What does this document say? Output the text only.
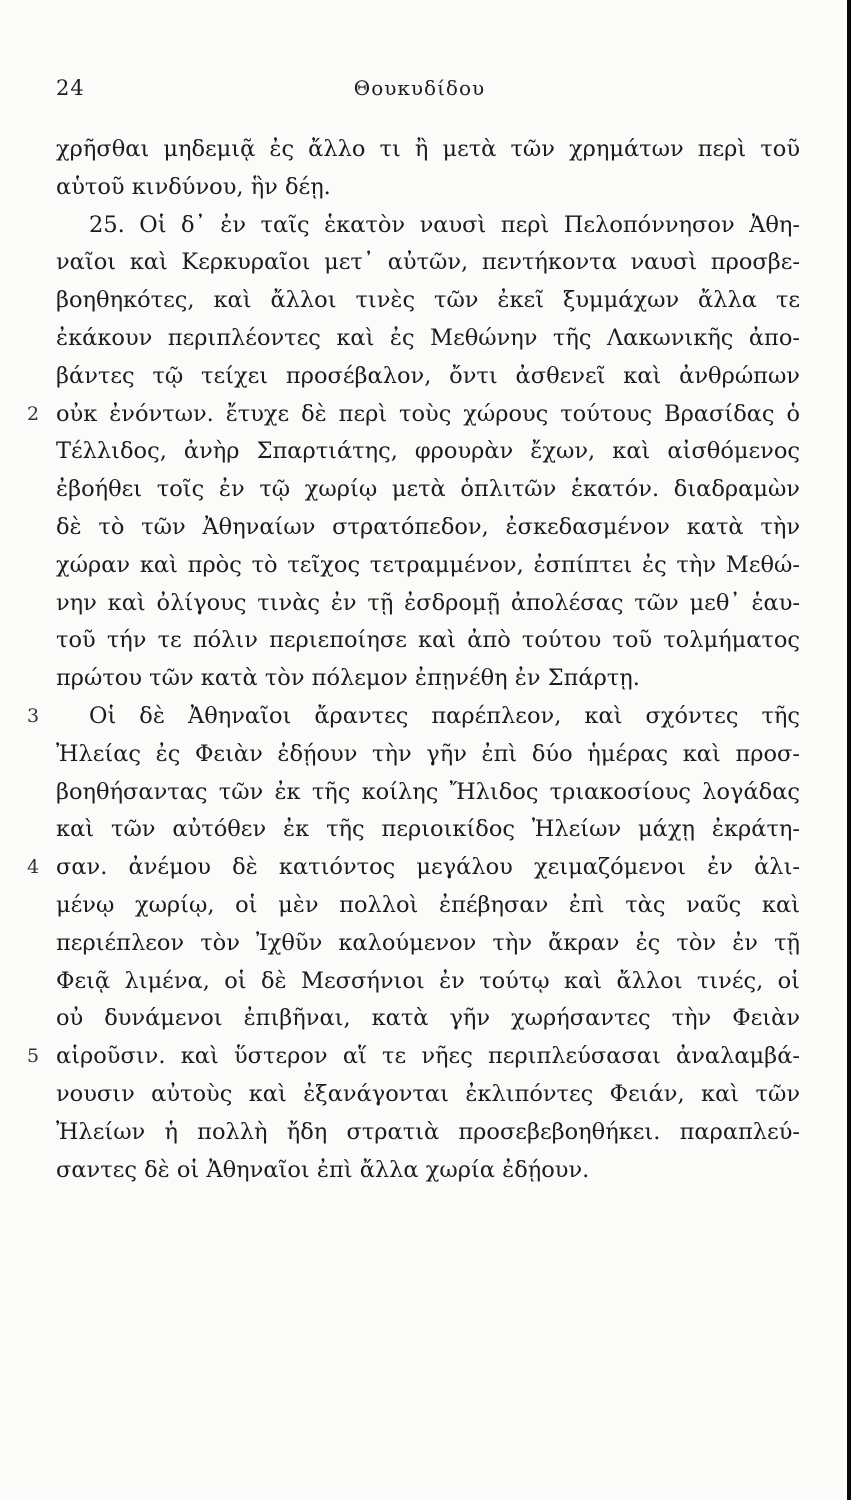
24	Θουκυδίδου
χρῆσθαι μηδεμιᾷ ἐς ἄλλο τι ἢ μετὰ τῶν χρημάτων περὶ τοῦ
αὑτοῦ κινδύνου, ἣν δέῃ.
25. Οἱ δ᾽ ἐν ταῖς ἑκατὸν ναυσὶ περὶ Πελοπόννησον Ἀθη-
ναῖοι καὶ Κερκυραῖοι μετ᾽ αὐτῶν, πεντήκοντα ναυσὶ προσβε-
βοηθηκότες, καὶ ἄλλοι τινὲς τῶν ἐκεῖ ξυμμάχων ἄλλα τε
ἐκάκουν περιπλέοντες καὶ ἐς Μεθώνην τῆς Λακωνικῆς ἀπο-
βάντες τῷ τείχει προσέβαλον, ὄντι ἀσθενεῖ καὶ ἀνθρώπων
2 οὐκ ἐνόντων. ἔτυχε δὲ περὶ τοὺς χώρους τούτους Βρασίδας ὁ
Τέλλιδος, ἀνὴρ Σπαρτιάτης, φρουρὰν ἔχων, καὶ αἰσθόμενος
ἐβοήθει τοῖς ἐν τῷ χωρίῳ μετὰ ὁπλιτῶν ἑκατόν. διαδραμὼν
δὲ τὸ τῶν Ἀθηναίων στρατόπεδον, ἐσκεδασμένον κατὰ τὴν
χώραν καὶ πρὸς τὸ τεῖχος τετραμμένον, ἐσπίπτει ἐς τὴν Μεθώ-
νην καὶ ὀλίγους τινὰς ἐν τῇ ἐσδρομῇ ἀπολέσας τῶν μεθ᾽ ἑαυ-
τοῦ τήν τε πόλιν περιεποίησε καὶ ἀπὸ τούτου τοῦ τολμήματος
πρώτου τῶν κατὰ τὸν πόλεμον ἐπῃνέθη ἐν Σπάρτῃ.
3	Οἱ δὲ Ἀθηναῖοι ἄραντες παρέπλεον, καὶ σχόντες τῆς
Ἠλείας ἐς Φειὰν ἐδῄουν τὴν γῆν ἐπὶ δύο ἡμέρας καὶ προσ-
βοηθήσαντας τῶν ἐκ τῆς κοίλης Ἤλιδος τριακοσίους λογάδας
καὶ τῶν αὐτόθεν ἐκ τῆς περιοικίδος Ἠλείων μάχῃ ἐκράτη-
4 σαν. ἀνέμου δὲ κατιόντος μεγάλου χειμαζόμενοι ἐν ἀλι-
μένῳ χωρίῳ, οἱ μὲν πολλοὶ ἐπέβησαν ἐπὶ τὰς ναῦς καὶ
περιέπλεον τὸν Ἰχθῦν καλούμενον τὴν ἄκραν ἐς τὸν ἐν τῇ
Φειᾷ λιμένα, οἱ δὲ Μεσσήνιοι ἐν τούτῳ καὶ ἄλλοι τινές, οἱ
οὐ δυνάμενοι ἐπιβῆναι, κατὰ γῆν χωρήσαντες τὴν Φειὰν
5 αἱροῦσιν. καὶ ὕστερον αἵ τε νῆες περιπλεύσασαι ἀναλαμβά-
νουσιν αὐτοὺς καὶ ἐξανάγονται ἐκλιπόντες Φειάν, καὶ τῶν
Ἠλείων ἡ πολλὴ ἤδη στρατιὰ προσεβεβοηθήκει. παραπλεύ-
σαντες δὲ οἱ Ἀθηναῖοι ἐπὶ ἄλλα χωρία ἐδῄουν.
